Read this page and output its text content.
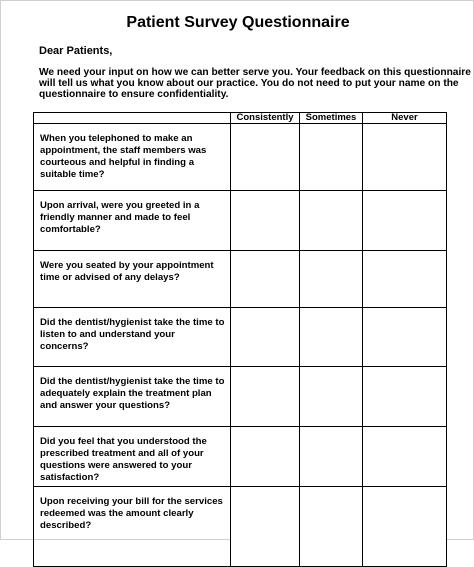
Patient Survey Questionnaire
Dear Patients,
We need your input on how we can better serve you. Your feedback on this questionnaire
will tell us what you know about our practice. You do not need to put your name on the
questionnaire to ensure confidentiality.
	Consistently	Sometimes	Never

When you telephoned to make an
appointment, the staff members was
courteous and helpful in finding a
suitable time?			

Upon arrival, were you greeted in a
friendly manner and made to feel
comfortable?			

Were you seated by your appointment
time or advised of any delays?			

Did the dentist/hygienist take the time to
listen to and understand your
concerns?			

Did the dentist/hygienist take the time to
adequately explain the treatment plan
and answer your questions?			

Did you feel that you understood the
prescribed treatment and all of your
questions were answered to your
satisfaction?			

Upon receiving your bill for the services
redeemed was the amount clearly
described?			
